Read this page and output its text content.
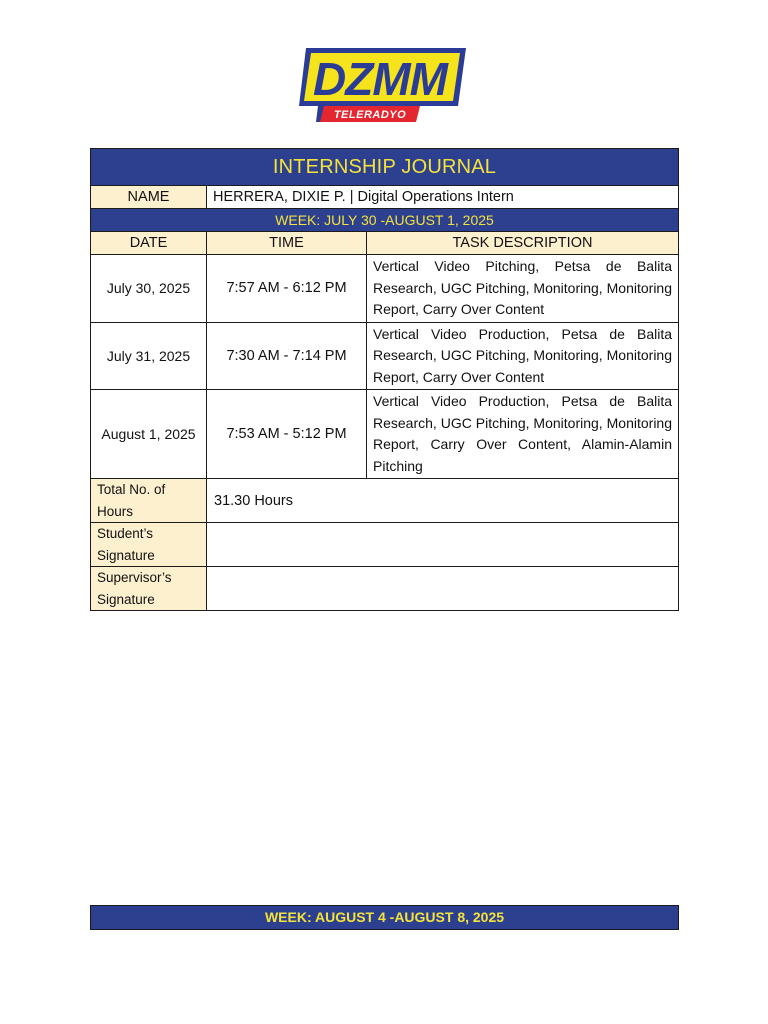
DZMM
TELERADYO
INTERNSHIP JOURNAL		
NAME	HERRERA, DIXIE P. | Digital Operations Intern	
WEEK: JULY 30 -AUGUST 1, 2025		
DATE	TIME	TASK DESCRIPTION
July 30, 2025	7:57 AM - 6:12 PM	Vertical Video Pitching, Petsa de Balita Research, UGC Pitching, Monitoring, Monitoring Report, Carry Over Content
July 31, 2025	7:30 AM - 7:14 PM	Vertical Video Production, Petsa de Balita Research, UGC Pitching, Monitoring, Monitoring Report, Carry Over Content
August 1, 2025	7:53 AM - 5:12 PM	Vertical Video Production, Petsa de Balita Research, UGC Pitching, Monitoring, Monitoring Report, Carry Over Content, Alamin-Alamin Pitching
Total No. of Hours	31.30 Hours	
Student’s Signature		
Supervisor’s Signature		
WEEK: AUGUST 4 -AUGUST 8, 2025
